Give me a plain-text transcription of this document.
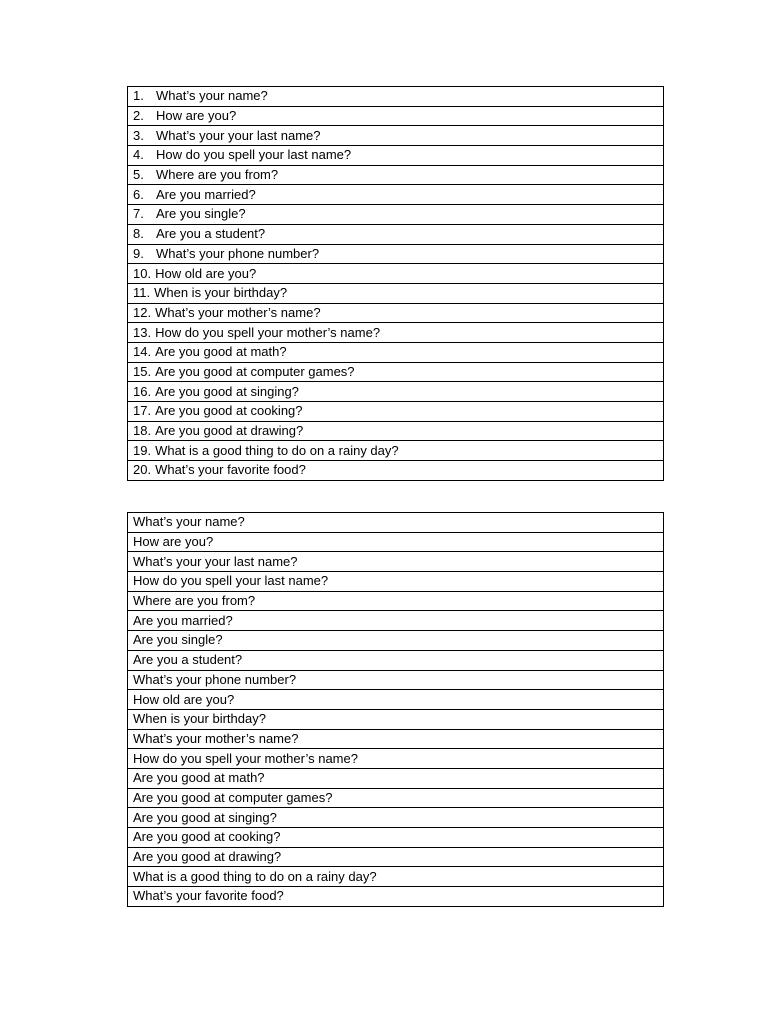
1. What’s your name?
2. How are you?
3. What’s your your last name?
4. How do you spell your last name?
5. Where are you from?
6. Are you married?
7. Are you single?
8. Are you a student?
9. What’s your phone number?
10. How old are you?
11. When is your birthday?
12. What’s your mother’s name?
13. How do you spell your mother’s name?
14. Are you good at math?
15. Are you good at computer games?
16. Are you good at singing?
17. Are you good at cooking?
18. Are you good at drawing?
19. What is a good thing to do on a rainy day?
20. What’s your favorite food?
What’s your name?
How are you?
What’s your your last name?
How do you spell your last name?
Where are you from?
Are you married?
Are you single?
Are you a student?
What’s your phone number?
How old are you?
When is your birthday?
What’s your mother’s name?
How do you spell your mother’s name?
Are you good at math?
Are you good at computer games?
Are you good at singing?
Are you good at cooking?
Are you good at drawing?
What is a good thing to do on a rainy day?
What’s your favorite food?
